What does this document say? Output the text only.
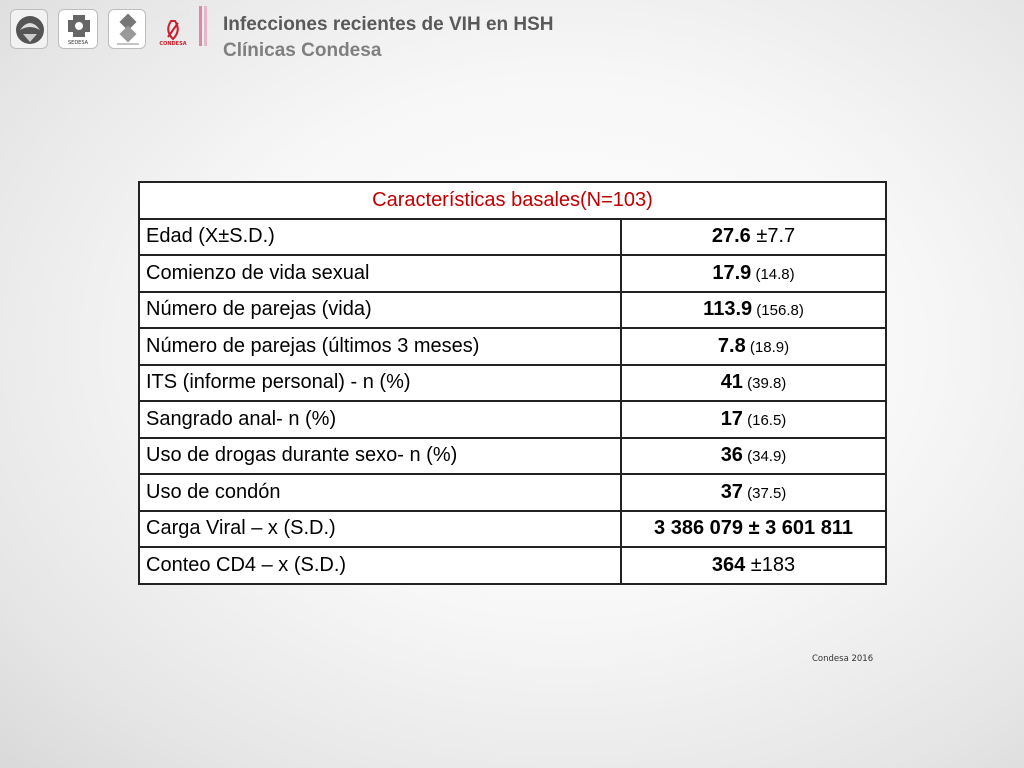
SEDESA	CONDESA
Infecciones recientes de VIH en HSH
Clínicas Condesa
Características basales(N=103)	
Edad (X±S.D.)	27.6 ±7.7
Comienzo de vida sexual	17.9 (14.8)
Número de parejas (vida)	113.9 (156.8)
Número de parejas (últimos 3 meses)	7.8 (18.9)
ITS (informe personal) - n (%)	41 (39.8)
Sangrado anal- n (%)	17 (16.5)
Uso de drogas durante sexo- n (%)	36 (34.9)
Uso de condón	37 (37.5)
Carga Viral – x (S.D.)	3 386 079 ± 3 601 811
Conteo CD4 – x (S.D.)	364 ±183
Condesa 2016
